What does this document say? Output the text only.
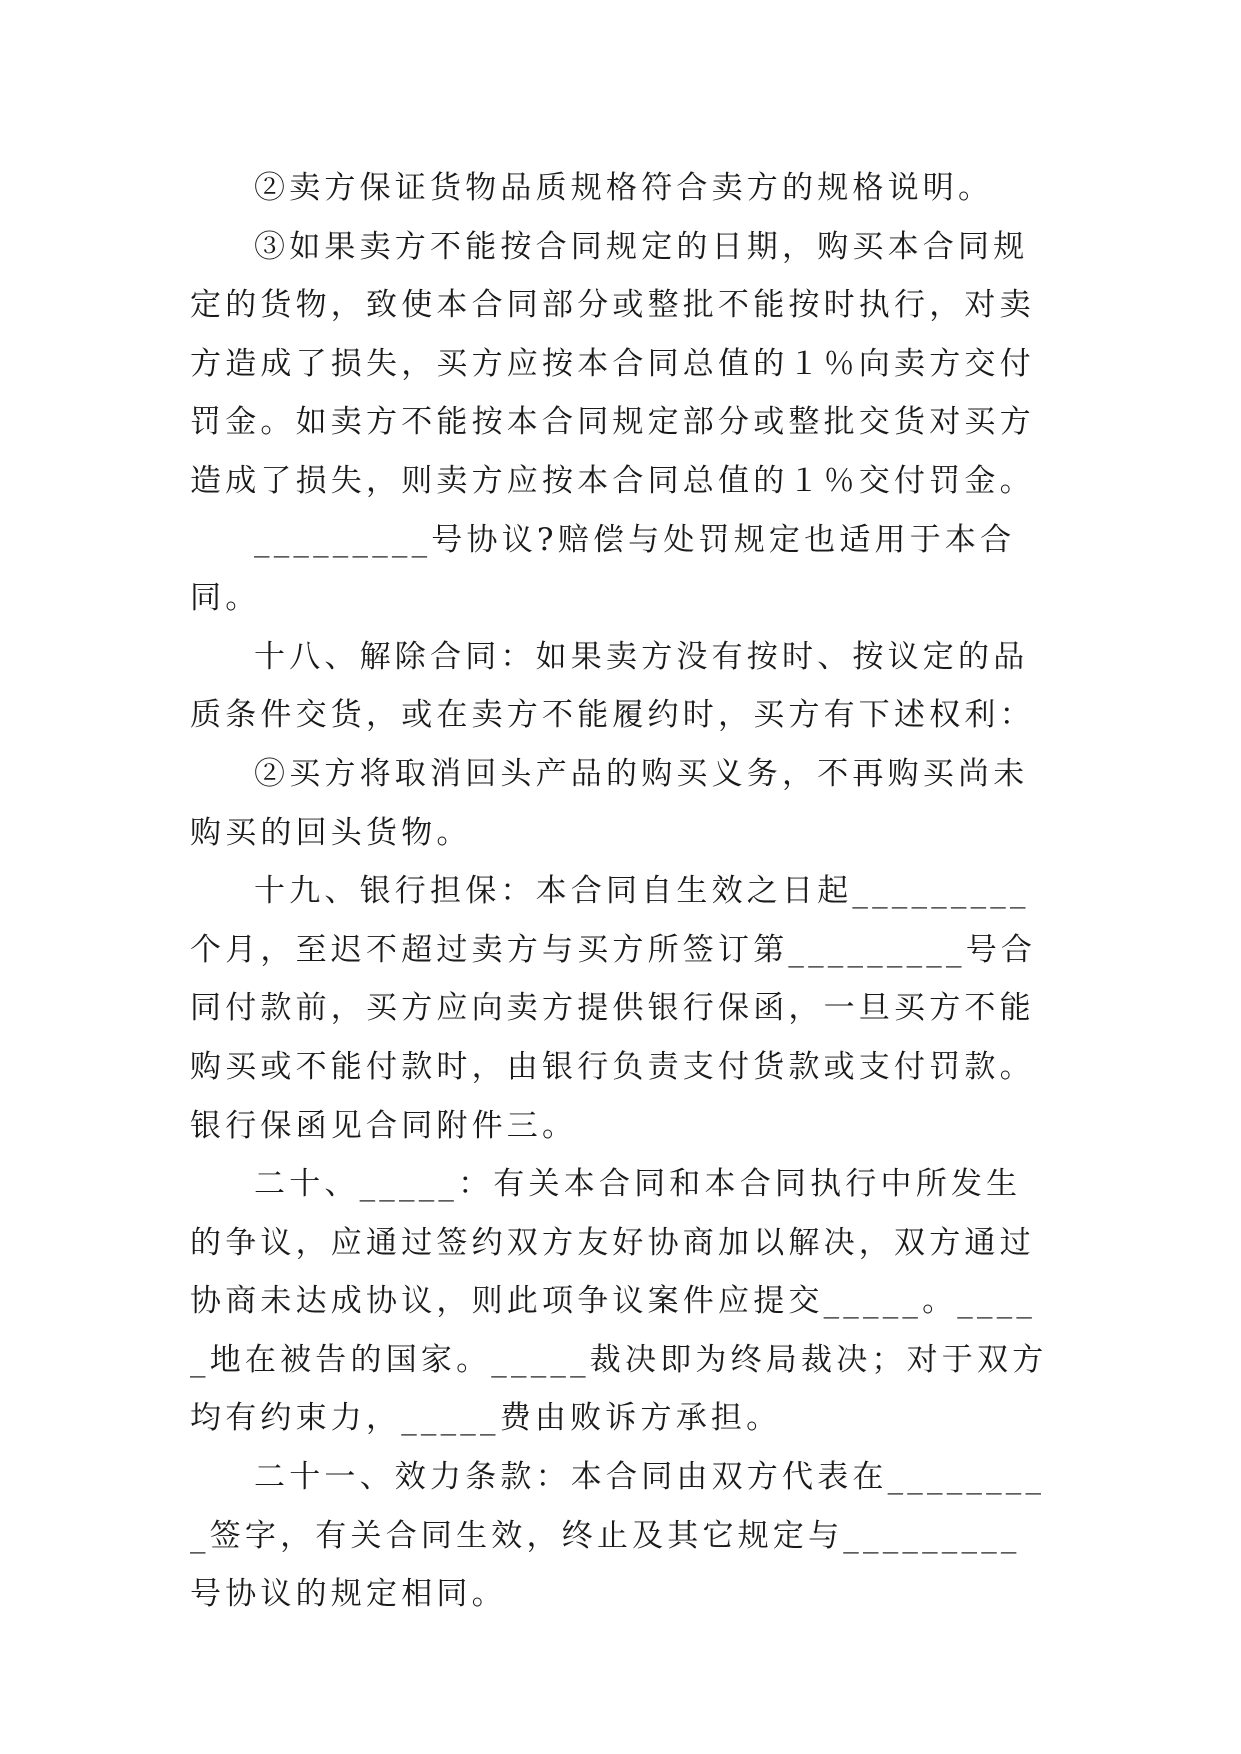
②卖方保证货物品质规格符合卖方的规格说明。

③如果卖方不能按合同规定的日期，购买本合同规定的货物，致使本合同部分或整批不能按时执行，对卖方造成了损失，买方应按本合同总值的１％向卖方交付罚金。如卖方不能按本合同规定部分或整批交货对买方造成了损失，则卖方应按本合同总值的１％交付罚金。

_________号协议?赔偿与处罚规定也适用于本合同。

十八、解除合同：如果卖方没有按时、按议定的品质条件交货，或在卖方不能履约时，买方有下述权利：

②买方将取消回头产品的购买义务，不再购买尚未购买的回头货物。

十九、银行担保：本合同自生效之日起_________个月，至迟不超过卖方与买方所签订第_________号合同付款前，买方应向卖方提供银行保函，一旦买方不能购买或不能付款时，由银行负责支付货款或支付罚款。银行保函见合同附件三。

二十、_____：有关本合同和本合同执行中所发生的争议，应通过签约双方友好协商加以解决，双方通过协商未达成协议，则此项争议案件应提交_____。_____地在被告的国家。_____裁决即为终局裁决；对于双方均有约束力，_____费由败诉方承担。

二十一、效力条款：本合同由双方代表在_________签字，有关合同生效，终止及其它规定与_________号协议的规定相同。
